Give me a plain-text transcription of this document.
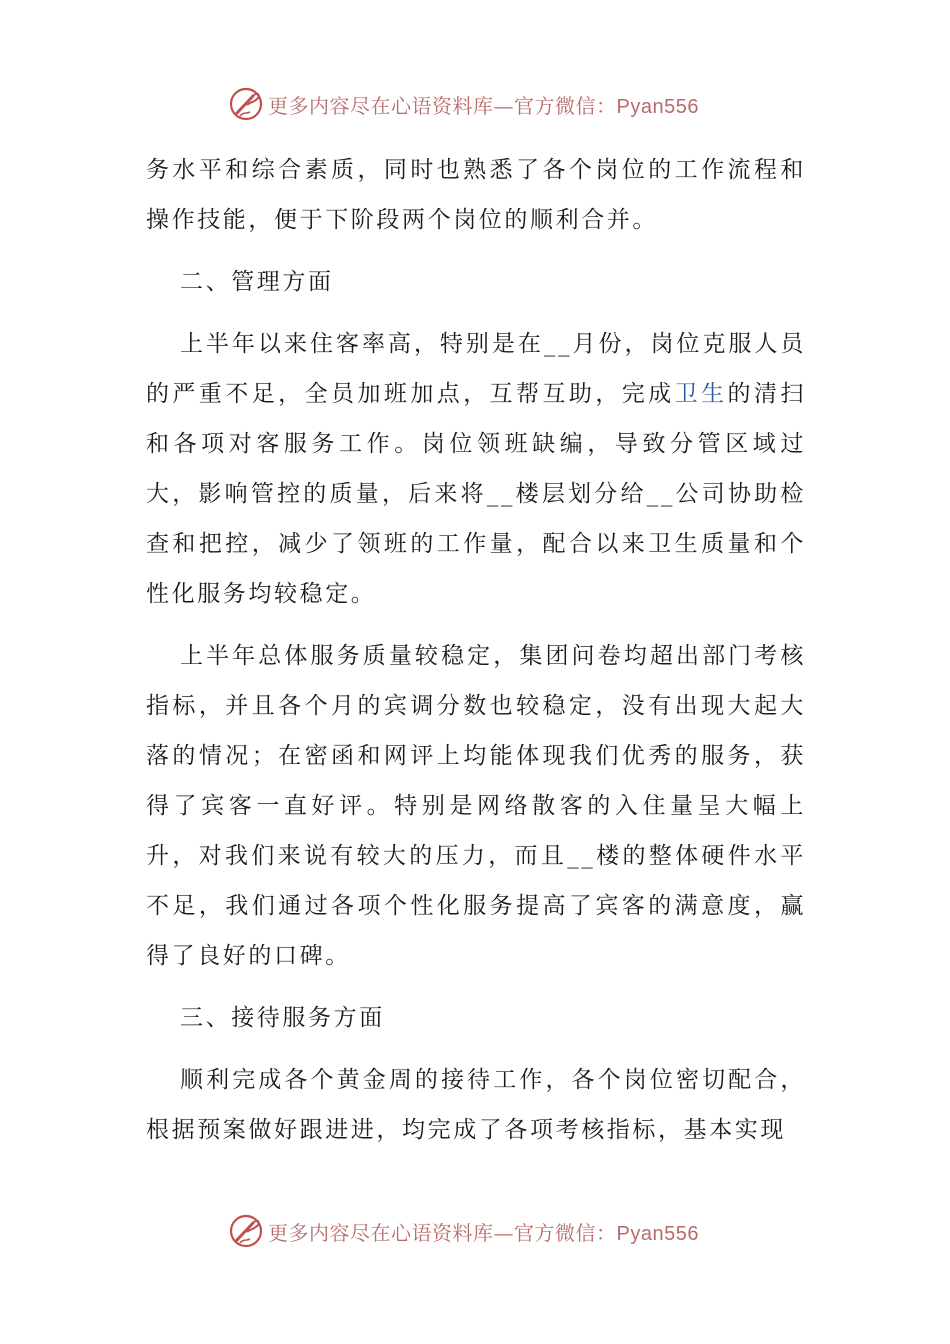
更多内容尽在心语资料库—官方微信：Pyan556

务水平和综合素质，同时也熟悉了各个岗位的工作流程和操作技能，便于下阶段两个岗位的顺利合并。

二、管理方面

上半年以来住客率高，特别是在__月份，岗位克服人员的严重不足，全员加班加点，互帮互助，完成卫生的清扫和各项对客服务工作。岗位领班缺编，导致分管区域过大，影响管控的质量，后来将__楼层划分给__公司协助检查和把控，减少了领班的工作量，配合以来卫生质量和个性化服务均较稳定。

上半年总体服务质量较稳定，集团问卷均超出部门考核指标，并且各个月的宾调分数也较稳定，没有出现大起大落的情况；在密函和网评上均能体现我们优秀的服务，获得了宾客一直好评。特别是网络散客的入住量呈大幅上升，对我们来说有较大的压力，而且__楼的整体硬件水平不足，我们通过各项个性化服务提高了宾客的满意度，赢得了良好的口碑。

三、接待服务方面

顺利完成各个黄金周的接待工作，各个岗位密切配合，根据预案做好跟进进，均完成了各项考核指标，基本实现

更多内容尽在心语资料库—官方微信：Pyan556
